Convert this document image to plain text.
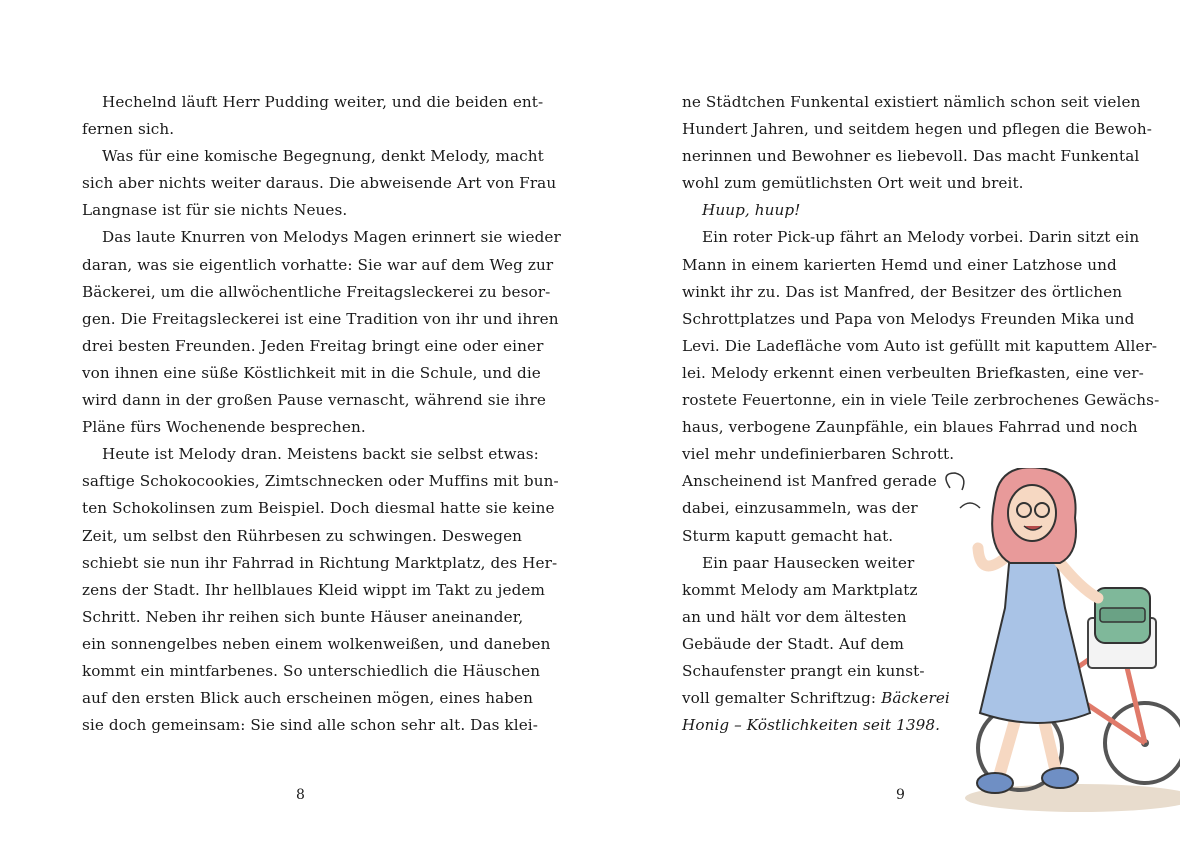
Hechelnd läuft Herr Pudding weiter, und die beiden ent-
fernen sich.
Was für eine komische Begegnung, denkt Melody, macht
sich aber nichts weiter daraus. Die abweisende Art von Frau
Langnase ist für sie nichts Neues.
Das laute Knurren von Melodys Magen erinnert sie wieder
daran, was sie eigentlich vorhatte: Sie war auf dem Weg zur
Bäckerei, um die allwöchentliche Freitagsleckerei zu besor-
gen. Die Freitagsleckerei ist eine Tradition von ihr und ihren
drei besten Freunden. Jeden Freitag bringt eine oder einer
von ihnen eine süße Köstlichkeit mit in die Schule, und die
wird dann in der großen Pause vernascht, während sie ihre
Pläne fürs Wochenende besprechen.
Heute ist Melody dran. Meistens backt sie selbst etwas:
saftige Schokocookies, Zimtschnecken oder Muffins mit bun-
ten Schokolinsen zum Beispiel. Doch diesmal hatte sie keine
Zeit, um selbst den Rührbesen zu schwingen. Deswegen
schiebt sie nun ihr Fahrrad in Richtung Marktplatz, des Her-
zens der Stadt. Ihr hellblaues Kleid wippt im Takt zu jedem
Schritt. Neben ihr reihen sich bunte Häuser aneinander,
ein sonnengelbes neben einem wolkenweißen, und daneben
kommt ein mintfarbenes. So unterschiedlich die Häuschen
auf den ersten Blick auch erscheinen mögen, eines haben
sie doch gemeinsam: Sie sind alle schon sehr alt. Das klei-
8
ne Städtchen Funkental existiert nämlich schon seit vielen
Hundert Jahren, und seitdem hegen und pflegen die Bewoh-
nerinnen und Bewohner es liebevoll. Das macht Funkental
wohl zum gemütlichsten Ort weit und breit.
Huup, huup!
Ein roter Pick-up fährt an Melody vorbei. Darin sitzt ein
Mann in einem karierten Hemd und einer Latzhose und
winkt ihr zu. Das ist Manfred, der Besitzer des örtlichen
Schrottplatzes und Papa von Melodys Freunden Mika und
Levi. Die Ladefläche vom Auto ist gefüllt mit kaputtem Aller-
lei. Melody erkennt einen verbeulten Briefkasten, eine ver-
rostete Feuertonne, ein in viele Teile zerbrochenes Gewächs-
haus, verbogene Zaunpfähle, ein blaues Fahrrad und noch
viel mehr undefinierbaren Schrott.
Anscheinend ist Manfred gerade
dabei, einzusammeln, was der
Sturm kaputt gemacht hat.
Ein paar Hausecken weiter
kommt Melody am Marktplatz
an und hält vor dem ältesten
Gebäude der Stadt. Auf dem
Schaufenster prangt ein kunst-
voll gemalter Schriftzug: Bäckerei
Honig – Köstlichkeiten seit 1398.
9
